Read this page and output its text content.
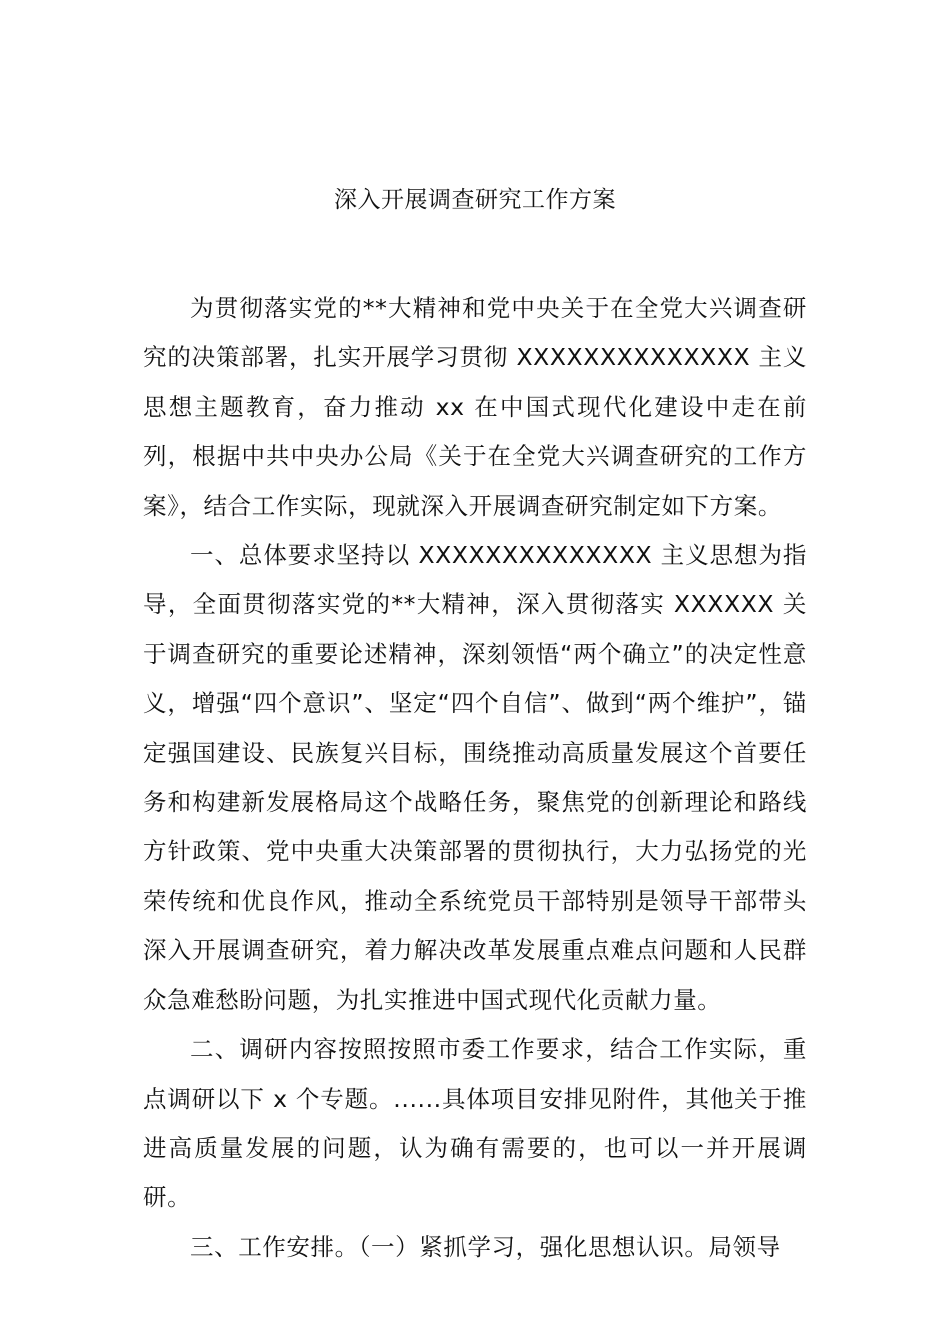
深入开展调查研究工作方案

为贯彻落实党的**大精神和党中央关于在全党大兴调查研究的决策部署，扎实开展学习贯彻 XXXXXXXXXXXXXX 主义思想主题教育，奋力推动 xx 在中国式现代化建设中走在前列，根据中共中央办公局《关于在全党大兴调查研究的工作方案》，结合工作实际，现就深入开展调查研究制定如下方案。

一、总体要求坚持以 XXXXXXXXXXXXXX 主义思想为指导，全面贯彻落实党的**大精神，深入贯彻落实 XXXXXX 关于调查研究的重要论述精神，深刻领悟“两个确立”的决定性意义，增强“四个意识”、坚定“四个自信”、做到“两个维护”，锚定强国建设、民族复兴目标，围绕推动高质量发展这个首要任务和构建新发展格局这个战略任务，聚焦党的创新理论和路线方针政策、党中央重大决策部署的贯彻执行，大力弘扬党的光荣传统和优良作风，推动全系统党员干部特别是领导干部带头深入开展调查研究，着力解决改革发展重点难点问题和人民群众急难愁盼问题，为扎实推进中国式现代化贡献力量。

二、调研内容按照按照市委工作要求，结合工作实际，重点调研以下 x 个专题。......具体项目安排见附件，其他关于推进高质量发展的问题，认为确有需要的，也可以一并开展调研。

三、工作安排。（一）紧抓学习，强化思想认识。局领导
